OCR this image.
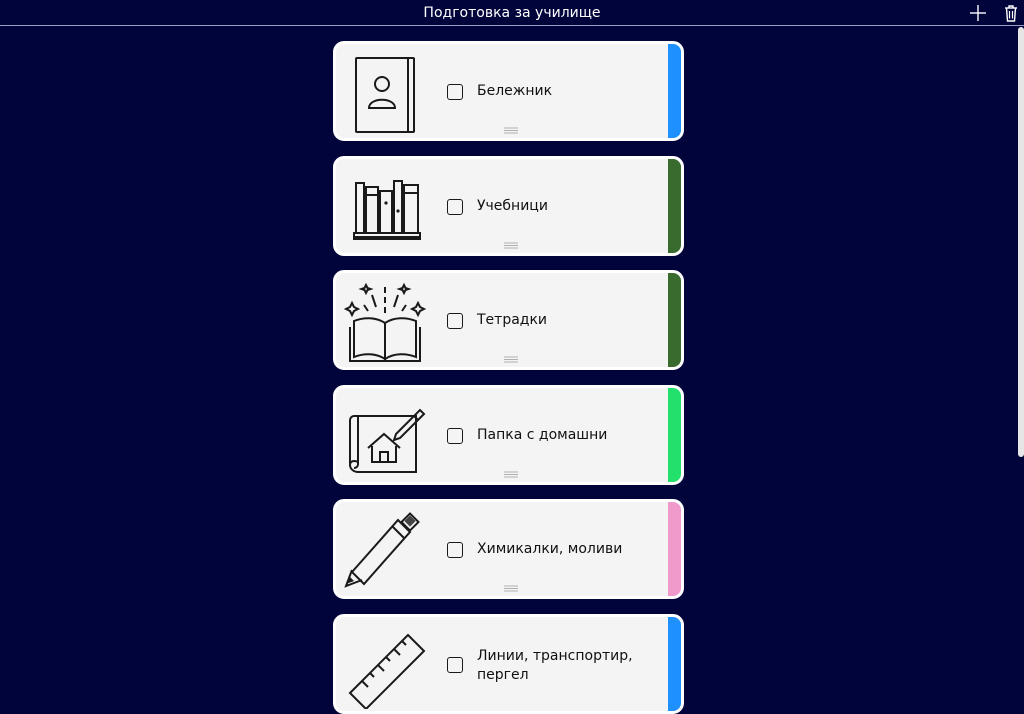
Подготовка за училище
Бележник
Учебници
Тетрадки
Папка с домашни
Химикалки, моливи
Линии, транспортир, пергел
